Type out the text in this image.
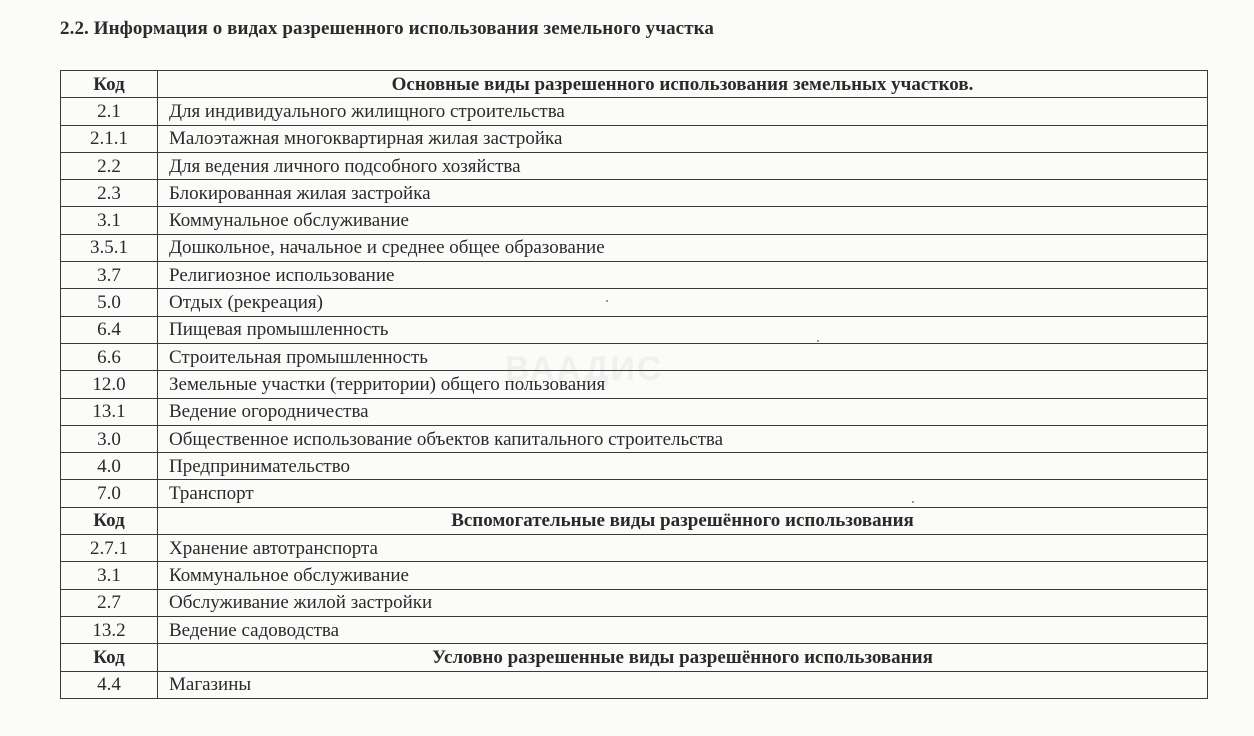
2.2. Информация о видах разрешенного использования земельного участка
ВААДИС
Код	Основные виды разрешенного использования земельных участков.
2.1	Для индивидуального жилищного строительства
2.1.1	Малоэтажная многоквартирная жилая застройка
2.2	Для ведения личного подсобного хозяйства
2.3	Блокированная жилая застройка
3.1	Коммунальное обслуживание
3.5.1	Дошкольное, начальное и среднее общее образование
3.7	Религиозное использование
5.0	Отдых (рекреация)
6.4	Пищевая промышленность
6.6	Строительная промышленность
12.0	Земельные участки (территории) общего пользования
13.1	Ведение огородничества
3.0	Общественное использование объектов капитального строительства
4.0	Предпринимательство
7.0	Транспорт
Код	Вспомогательные виды разрешённого использования
2.7.1	Хранение автотранспорта
3.1	Коммунальное обслуживание
2.7	Обслуживание жилой застройки
13.2	Ведение садоводства
Код	Условно разрешенные виды разрешённого использования
4.4	Магазины
